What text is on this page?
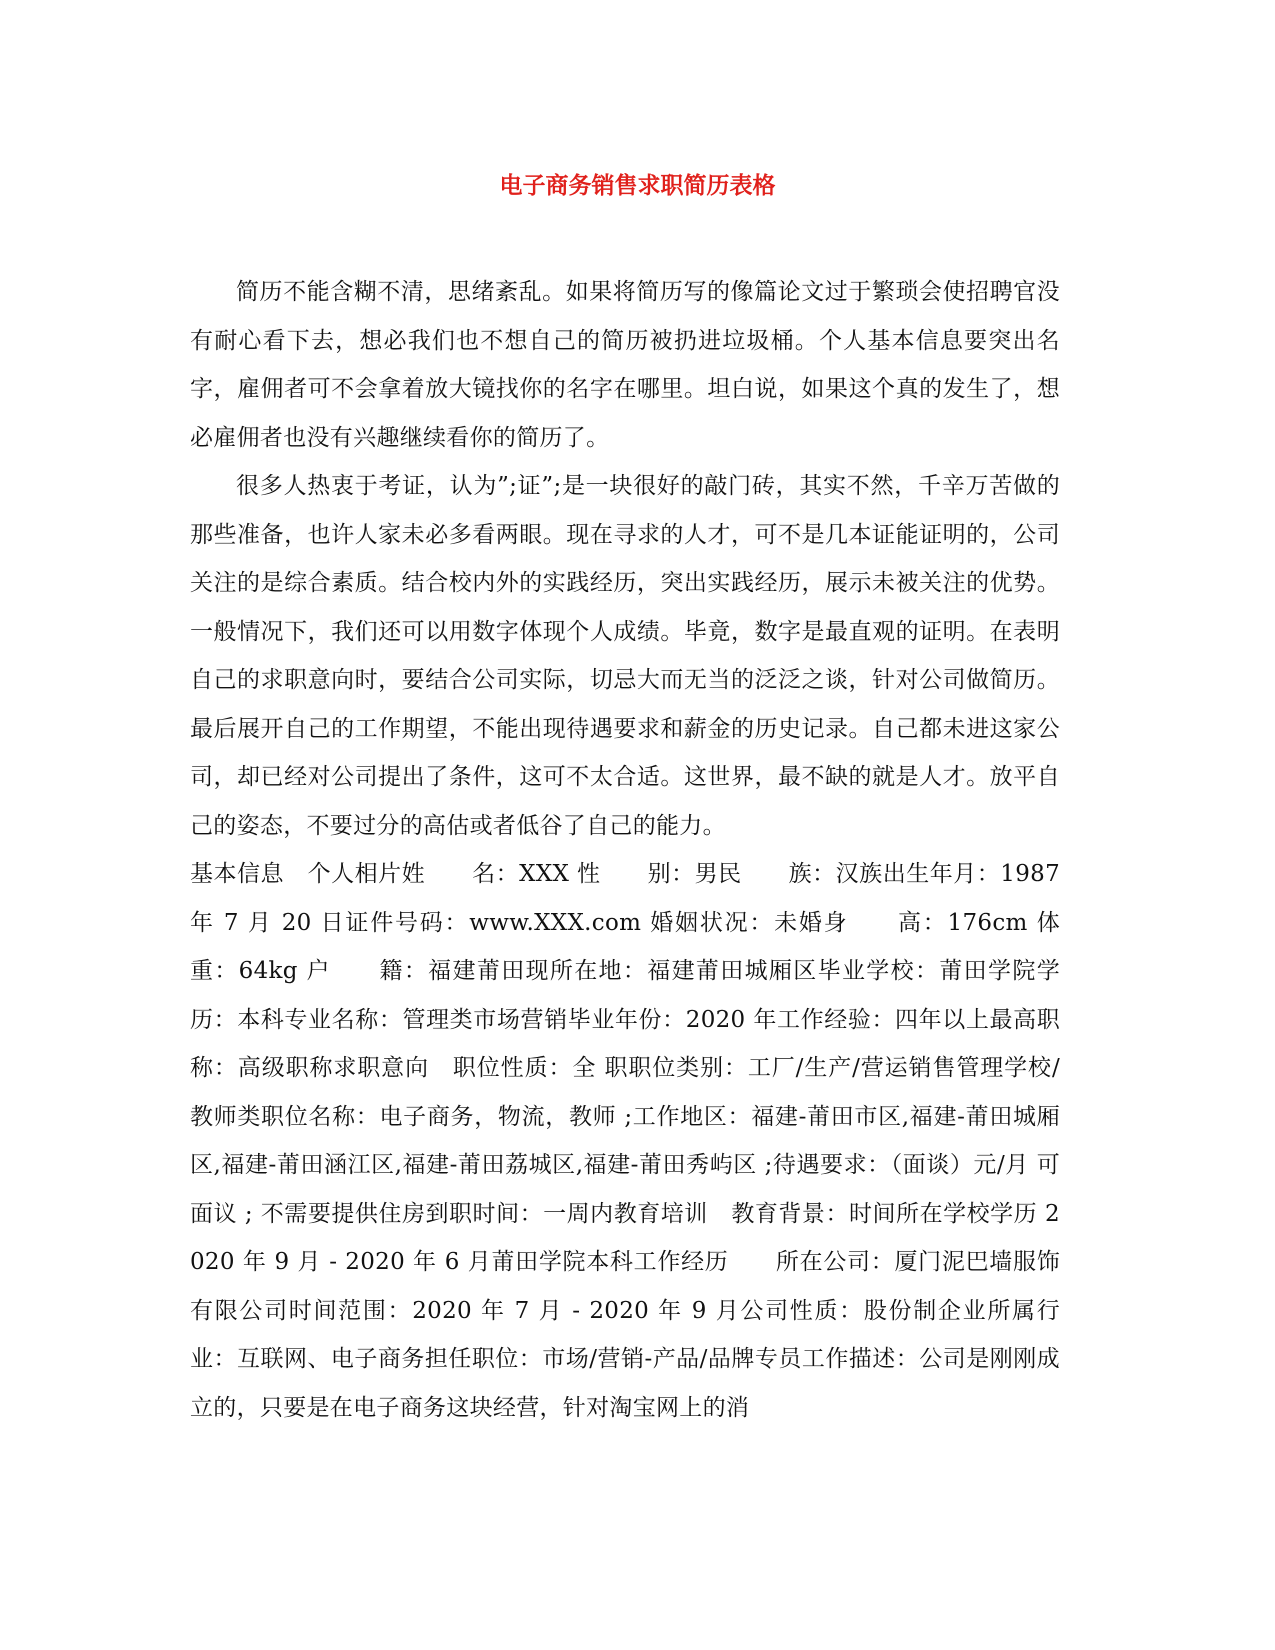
电子商务销售求职简历表格

简历不能含糊不清，思绪紊乱。如果将简历写的像篇论文过于繁琐会使招聘官没有耐心看下去，想必我们也不想自己的简历被扔进垃圾桶。个人基本信息要突出名字，雇佣者可不会拿着放大镜找你的名字在哪里。坦白说，如果这个真的发生了，想必雇佣者也没有兴趣继续看你的简历了。

很多人热衷于考证，认为”;证”;是一块很好的敲门砖，其实不然，千辛万苦做的那些准备，也许人家未必多看两眼。现在寻求的人才，可不是几本证能证明的，公司关注的是综合素质。结合校内外的实践经历，突出实践经历，展示未被关注的优势。一般情况下，我们还可以用数字体现个人成绩。毕竟，数字是最直观的证明。在表明自己的求职意向时，要结合公司实际，切忌大而无当的泛泛之谈，针对公司做简历。最后展开自己的工作期望，不能出现待遇要求和薪金的历史记录。自己都未进这家公司，却已经对公司提出了条件，这可不太合适。这世界，最不缺的就是人才。放平自己的姿态，不要过分的高估或者低谷了自己的能力。

基本信息　个人相片姓　　名：XXX 性　　别：男民　　族：汉族出生年月：1987 年 7 月 20 日证件号码：www.XXX.com 婚姻状况：未婚身　　高：176cm 体　　重：64kg 户　　籍：福建莆田现所在地：福建莆田城厢区毕业学校：莆田学院学历：本科专业名称：管理类市场营销毕业年份：2020 年工作经验：四年以上最高职称：高级职称求职意向　职位性质：全 职职位类别：工厂/生产/营运销售管理学校/教师类职位名称：电子商务，物流，教师 ;工作地区：福建-莆田市区,福建-莆田城厢区,福建-莆田涵江区,福建-莆田荔城区,福建-莆田秀屿区 ;待遇要求：（面谈）元/月 可面议 ; 不需要提供住房到职时间：一周内教育培训　教育背景：时间所在学校学历 2020 年 9 月 - 2020 年 6 月莆田学院本科工作经历　　所在公司：厦门泥巴墙服饰有限公司时间范围：2020 年 7 月 - 2020 年 9 月公司性质：股份制企业所属行业：互联网、电子商务担任职位：市场/营销-产品/品牌专员工作描述：公司是刚刚成立的，只要是在电子商务这块经营，针对淘宝网上的消
